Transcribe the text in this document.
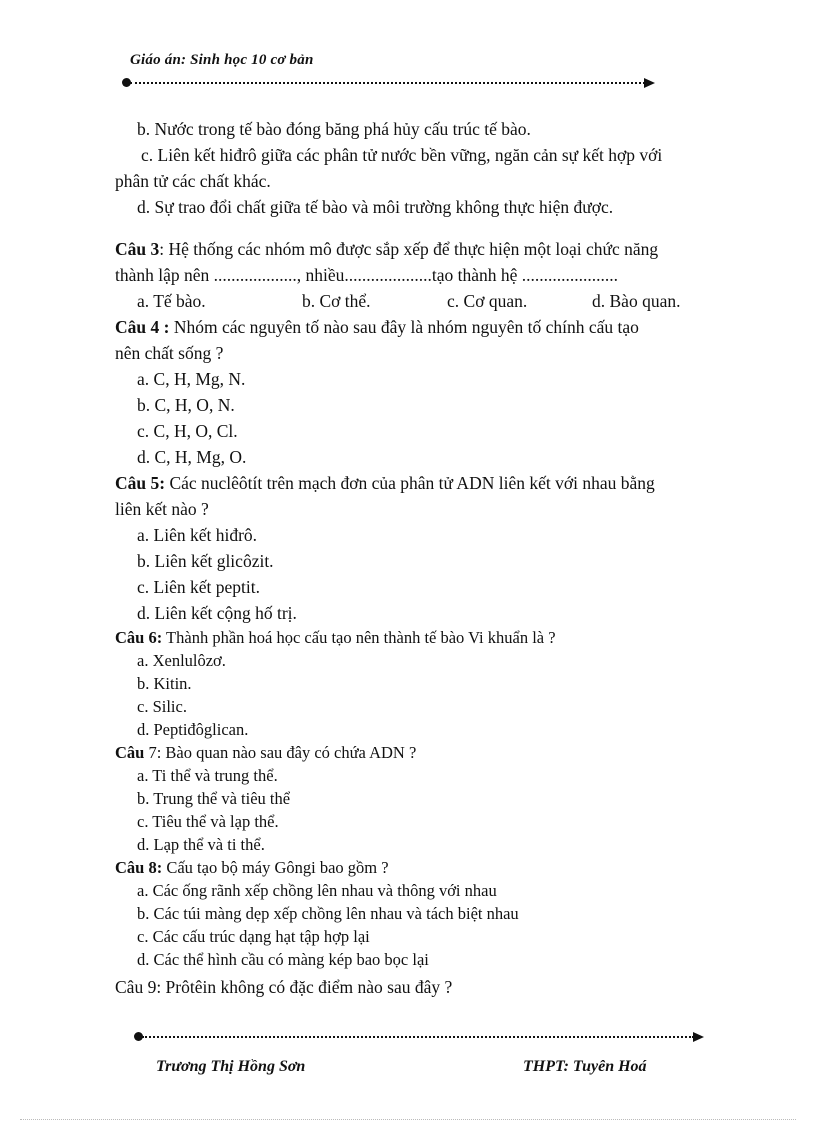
Giáo án: Sinh học 10 cơ bản

b. Nước trong tế bào đóng băng phá hủy cấu trúc tế bào.

c. Liên kết hiđrô giữa các phân tử nước bền vững, ngăn cản sự kết hợp với

phân tử các chất khác.

d. Sự trao đổi chất giữa tế bào và môi trường không thực hiện được.

Câu 3: Hệ thống các nhóm mô được sắp xếp để thực hiện một loại chức năng

thành lập nên ..................., nhiều....................tạo thành hệ ......................

a. Tế bào.	b. Cơ thể.	c. Cơ quan.	d. Bào quan.

Câu 4 : Nhóm các nguyên tố nào sau đây là nhóm nguyên tố chính cấu tạo

nên chất sống ?

a. C, H, Mg, N.

b. C, H, O, N.

c. C, H, O, Cl.

d. C, H, Mg, O.

Câu 5: Các nuclêôtít trên mạch đơn của phân tử ADN liên kết với nhau bằng

liên kết nào ?

a. Liên kết hiđrô.

b. Liên kết glicôzit.

c. Liên kết peptit.

d. Liên kết cộng hố trị.

Câu 6: Thành phần hoá học cấu tạo nên thành tế bào Vi khuẩn là ?

a. Xenlulôzơ.

b. Kitin.

c. Silic.

d. Peptiđôglican.

Câu 7: Bào quan nào sau đây có chứa ADN ?

a. Ti thể và trung thể.

b. Trung thể và tiêu thể

c. Tiêu thể và lạp thể.

d. Lạp thể và ti thể.

Câu 8: Cấu tạo bộ máy Gôngi bao gồm ?

a. Các ống rãnh xếp chồng lên nhau và thông với nhau

b. Các túi màng dẹp xếp chồng lên nhau và tách biệt nhau

c. Các cấu trúc dạng hạt tập hợp lại

d. Các thể hình cầu có màng kép bao bọc lại

Câu 9: Prôtêin không có đặc điểm nào sau đây ?

Trương Thị Hồng Sơn	THPT: Tuyên Hoá
